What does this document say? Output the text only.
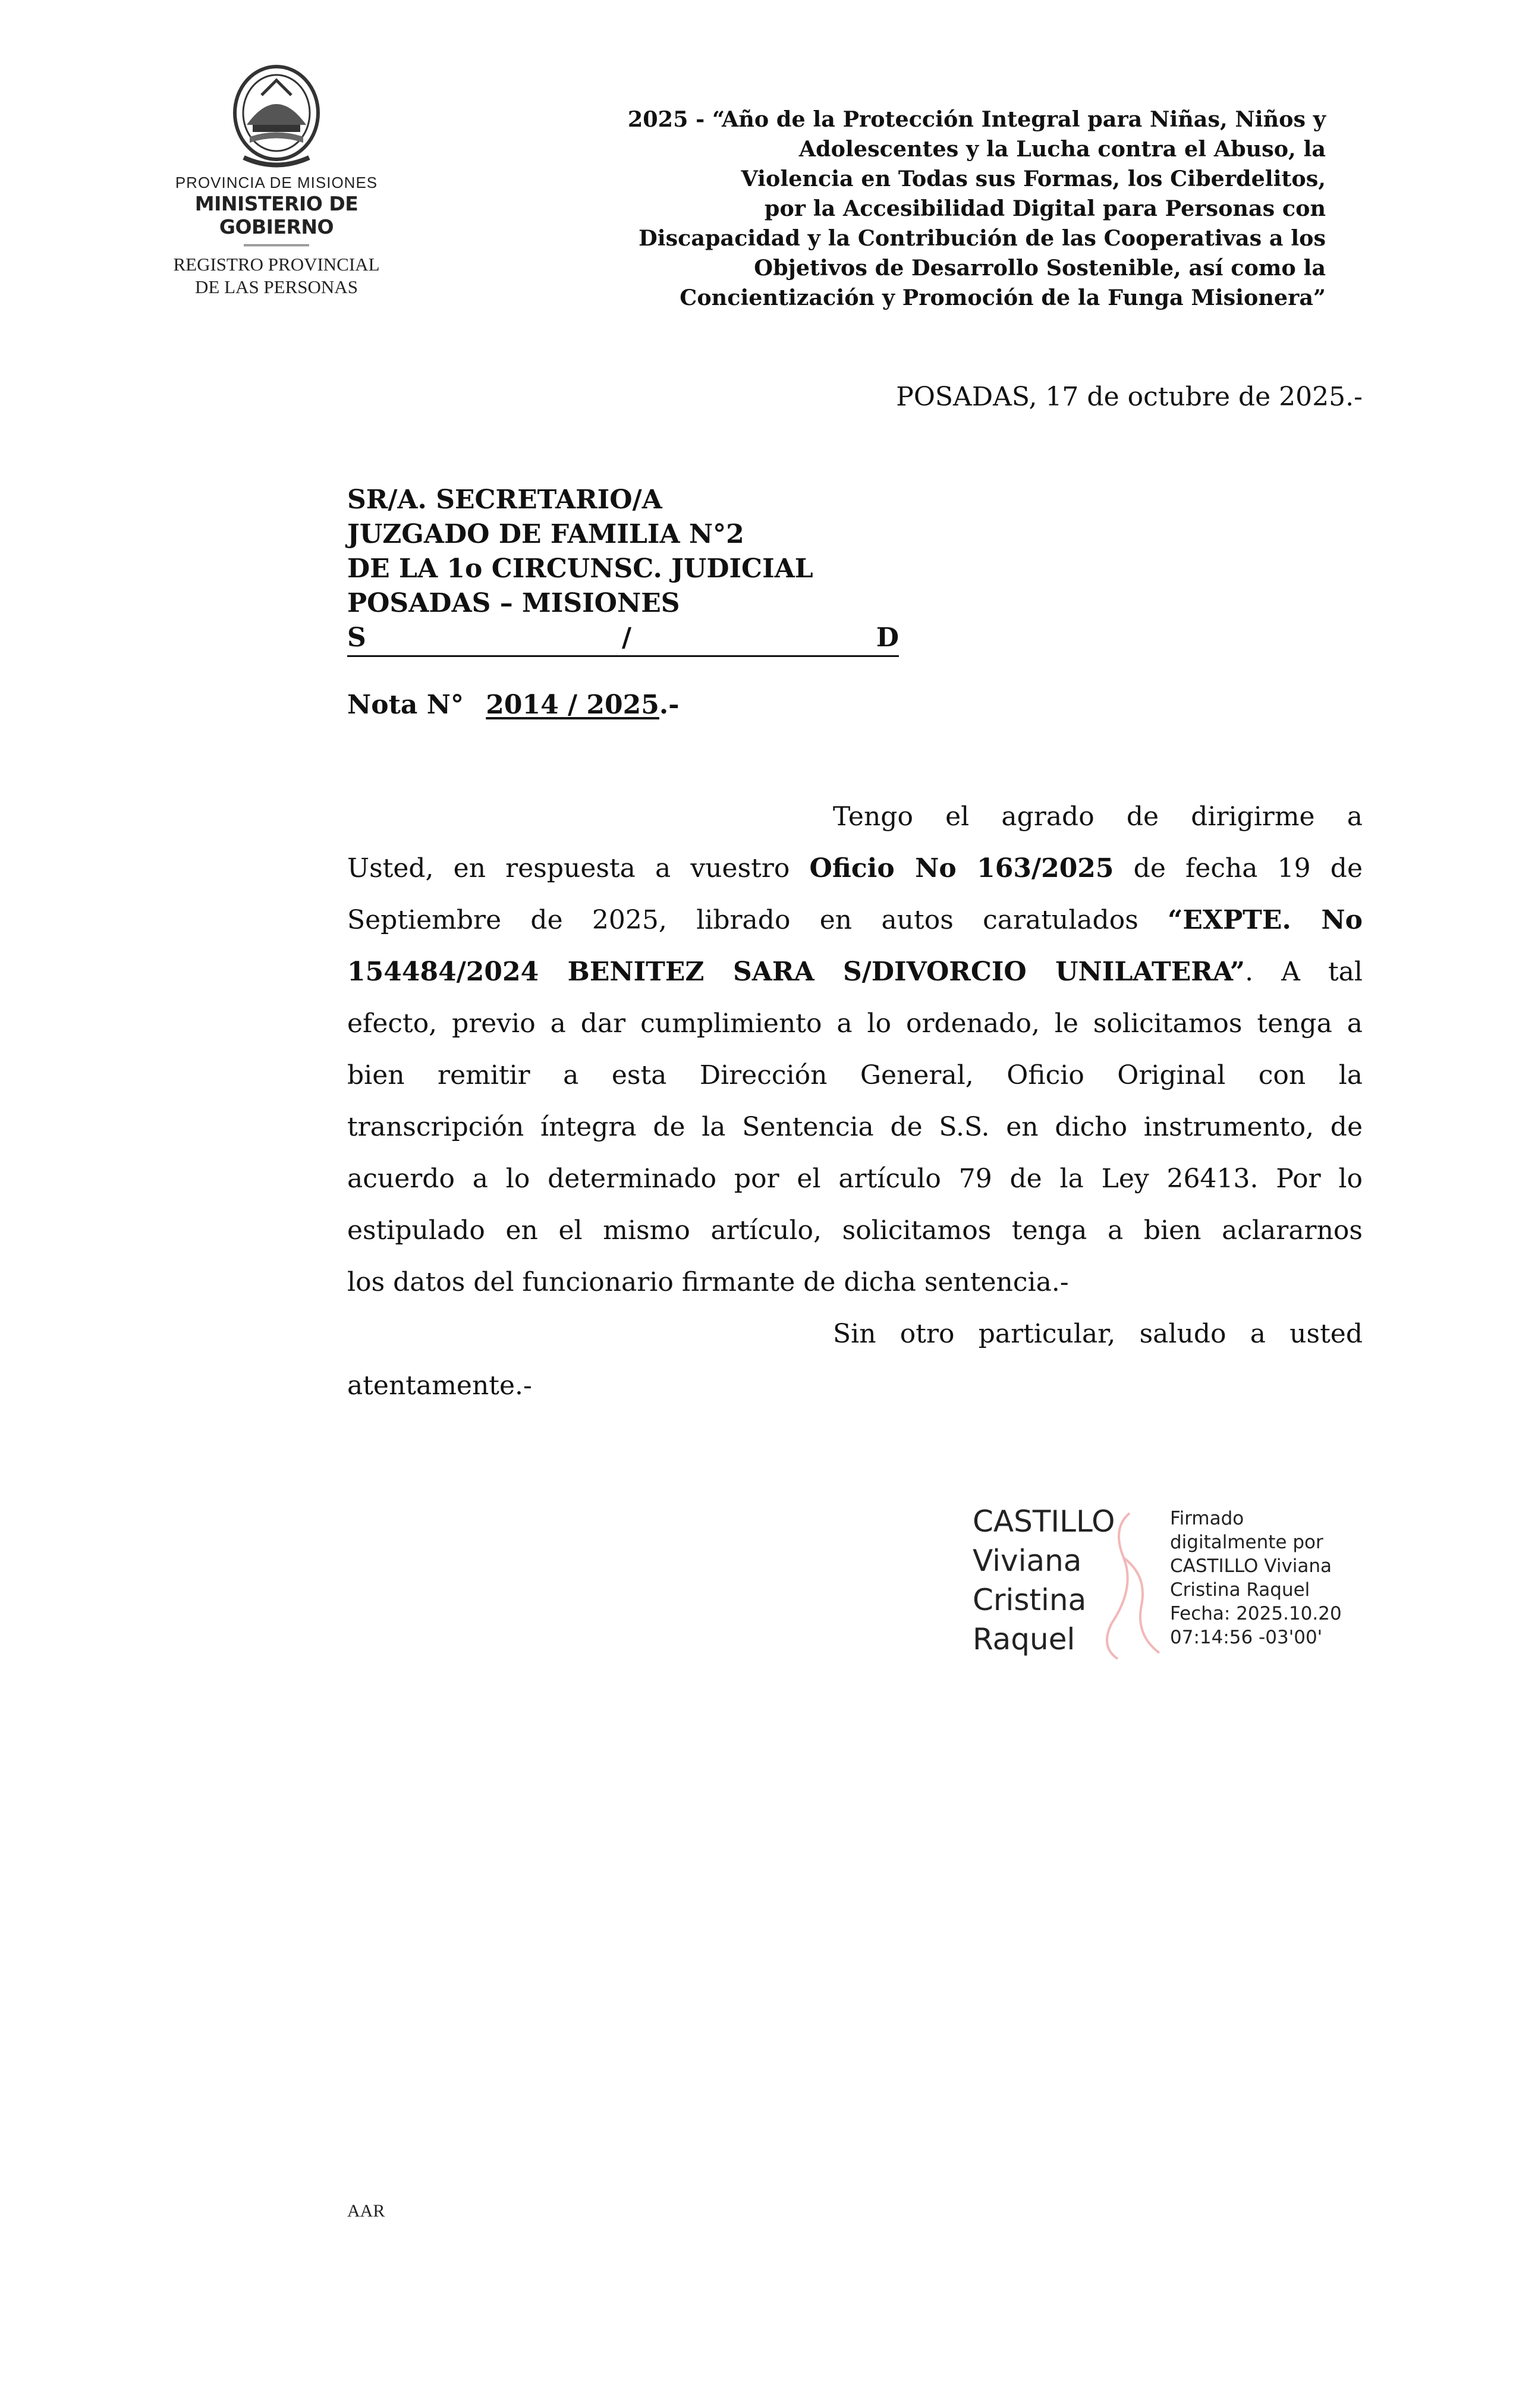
PROVINCIA DE MISIONES
MINISTERIO DE GOBIERNO
REGISTRO PROVINCIAL
DE LAS PERSONAS
2025 - “Año de la Protección Integral para Niñas, Niños y
Adolescentes y la Lucha contra el Abuso, la
Violencia en Todas sus Formas, los Ciberdelitos,
por la Accesibilidad Digital para Personas con
Discapacidad y la Contribución de las Cooperativas a los
Objetivos de Desarrollo Sostenible, así como la
Concientización y Promoción de la Funga Misionera”
POSADAS, 17 de octubre de 2025.-
SR/A. SECRETARIO/A
JUZGADO DE FAMILIA N°2
DE LA 1o CIRCUNSC. JUDICIAL
POSADAS – MISIONES
S	/	D
Nota N° 2014 / 2025.-
Tengo el agrado de dirigirme a
Usted, en respuesta a vuestro Oficio No 163/2025 de fecha 19 de
Septiembre de 2025, librado en autos caratulados “EXPTE. No
154484/2024 BENITEZ SARA S/DIVORCIO UNILATERA”. A tal
efecto, previo a dar cumplimiento a lo ordenado, le solicitamos tenga a
bien remitir a esta Dirección General, Oficio Original con la
transcripción íntegra de la Sentencia de S.S. en dicho instrumento, de
acuerdo a lo determinado por el artículo 79 de la Ley 26413. Por lo
estipulado en el mismo artículo, solicitamos tenga a bien aclararnos
los datos del funcionario firmante de dicha sentencia.-
Sin otro particular, saludo a usted
atentamente.-
CASTILLO
Viviana
Cristina
Raquel
Firmado
digitalmente por
CASTILLO Viviana
Cristina Raquel
Fecha: 2025.10.20
07:14:56 -03'00'
AAR
